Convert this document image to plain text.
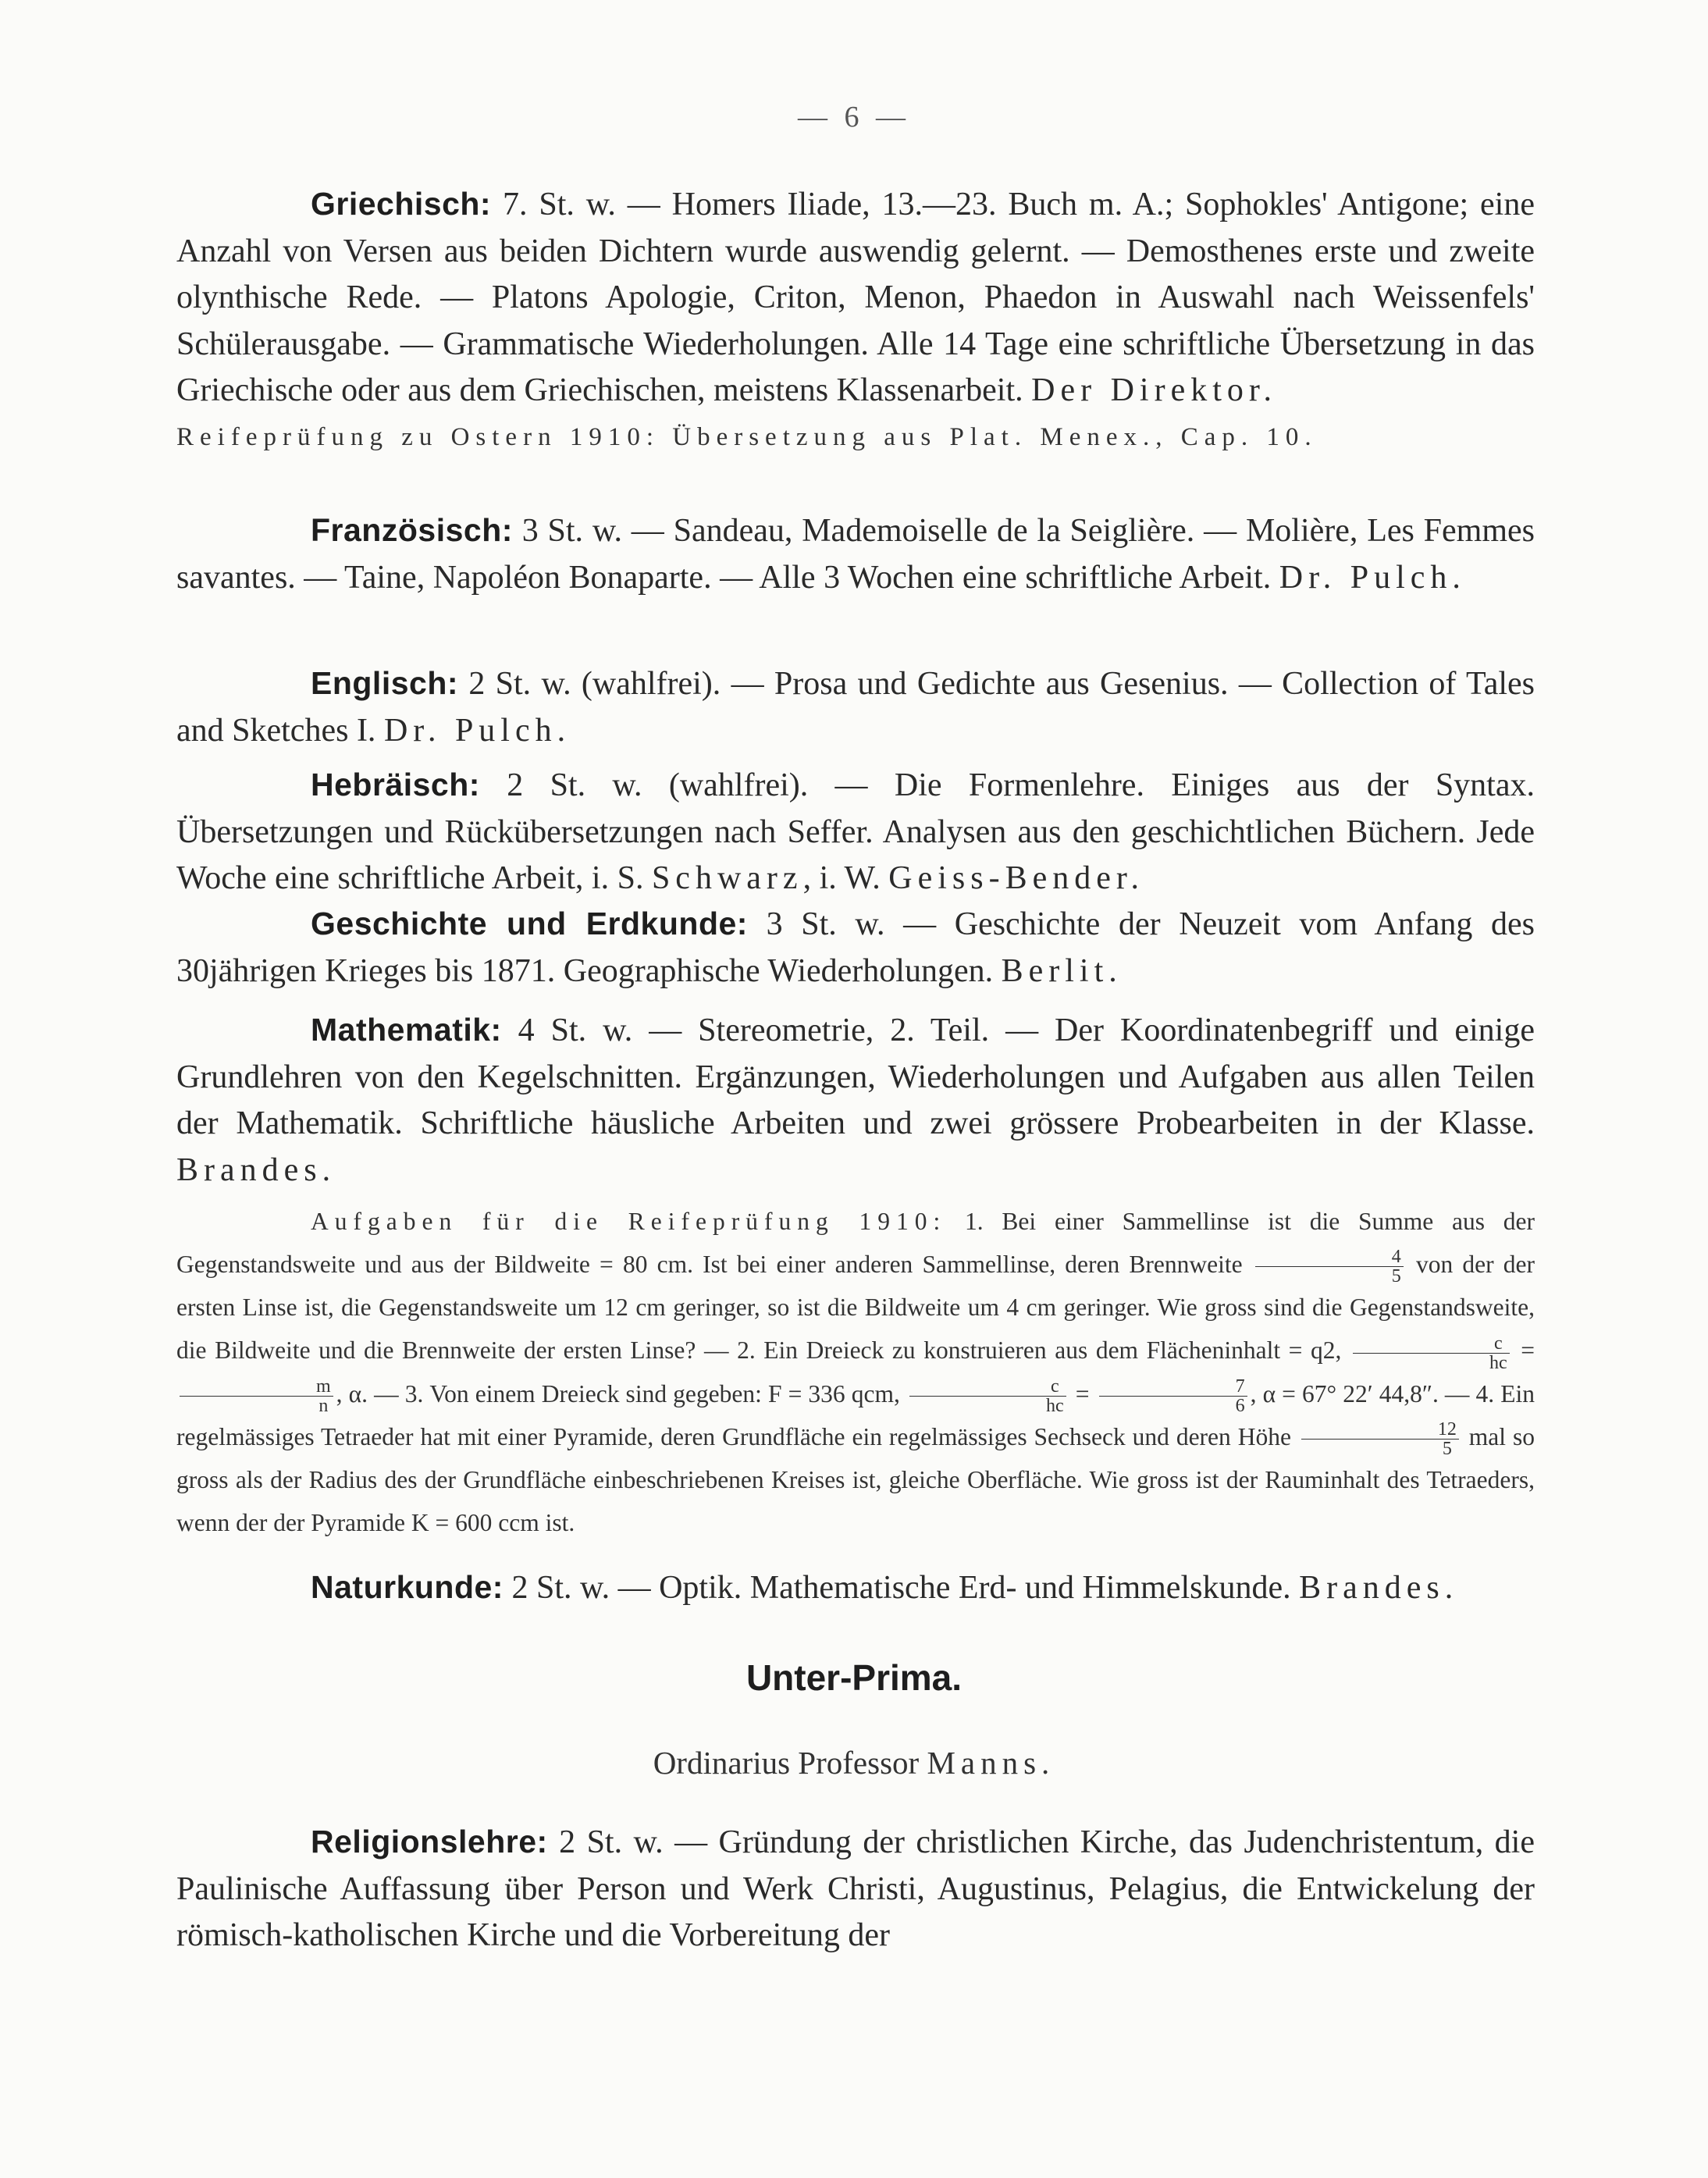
— 6 —

Griechisch: 7. St. w. — Homers Iliade, 13.—23. Buch m. A.; Sophokles' Antigone; eine Anzahl von Versen aus beiden Dichtern wurde auswendig gelernt. — Demosthenes erste und zweite olynthische Rede. — Platons Apologie, Criton, Menon, Phaedon in Auswahl nach Weissenfels' Schülerausgabe. — Grammatische Wiederholungen. Alle 14 Tage eine schriftliche Übersetzung in das Griechische oder aus dem Griechischen, meistens Klassenarbeit. Der Direktor.

Reifeprüfung zu Ostern 1910: Übersetzung aus Plat. Menex., Cap. 10.

Französisch: 3 St. w. — Sandeau, Mademoiselle de la Seiglière. — Molière, Les Femmes savantes. — Taine, Napoléon Bonaparte. — Alle 3 Wochen eine schriftliche Arbeit. Dr. Pulch.

Englisch: 2 St. w. (wahlfrei). — Prosa und Gedichte aus Gesenius. — Collection of Tales and Sketches I. Dr. Pulch.

Hebräisch: 2 St. w. (wahlfrei). — Die Formenlehre. Einiges aus der Syntax. Übersetzungen und Rückübersetzungen nach Seffer. Analysen aus den geschichtlichen Büchern. Jede Woche eine schriftliche Arbeit, i. S. Schwarz, i. W. Geiss-Bender.

Geschichte und Erdkunde: 3 St. w. — Geschichte der Neuzeit vom Anfang des 30jährigen Krieges bis 1871. Geographische Wiederholungen. Berlit.

Mathematik: 4 St. w. — Stereometrie, 2. Teil. — Der Koordinatenbegriff und einige Grundlehren von den Kegelschnitten. Ergänzungen, Wiederholungen und Aufgaben aus allen Teilen der Mathematik. Schriftliche häusliche Arbeiten und zwei grössere Probearbeiten in der Klasse. Brandes.

Aufgaben für die Reifeprüfung 1910: 1. Bei einer Sammellinse ist die Summe aus der Gegenstandsweite und aus der Bildweite = 80 cm. Ist bei einer anderen Sammellinse, deren Brennweite $\frac{4}{5}$ von der der ersten Linse ist, die Gegenstandsweite um 12 cm geringer, so ist die Bildweite um 4 cm geringer. Wie gross sind die Gegenstandsweite, die Bildweite und die Brennweite der ersten Linse? — 2. Ein Dreieck zu konstruieren aus dem Flächeninhalt = q2, $\frac{c}{hc}$ =
$\frac{m}{n}$ , α. — 3. Von einem Dreieck sind gegeben: F = 336 qcm, $\frac{c}{hc} = \frac{7}{6}$ , α = 67° 22′ 44,8″. — 4. Ein regelmässiges Tetraeder hat mit einer Pyramide, deren Grundfläche ein regelmässiges Sechseck und deren Höhe $\frac{12}{5}$ mal so gross als der Radius des der Grundfläche einbeschriebenen Kreises ist, gleiche Oberfläche. Wie gross ist der Rauminhalt des Tetraeders, wenn der der Pyramide K = 600 ccm ist.

Naturkunde: 2 St. w. — Optik. Mathematische Erd- und Himmelskunde. Brandes.

Unter-Prima.
Ordinarius Professor Manns.

Religionslehre: 2 St. w. — Gründung der christlichen Kirche, das Judenchristentum, die Paulinische Auffassung über Person und Werk Christi, Augustinus, Pelagius, die Entwickelung der römisch-katholischen Kirche und die Vorbereitung der
